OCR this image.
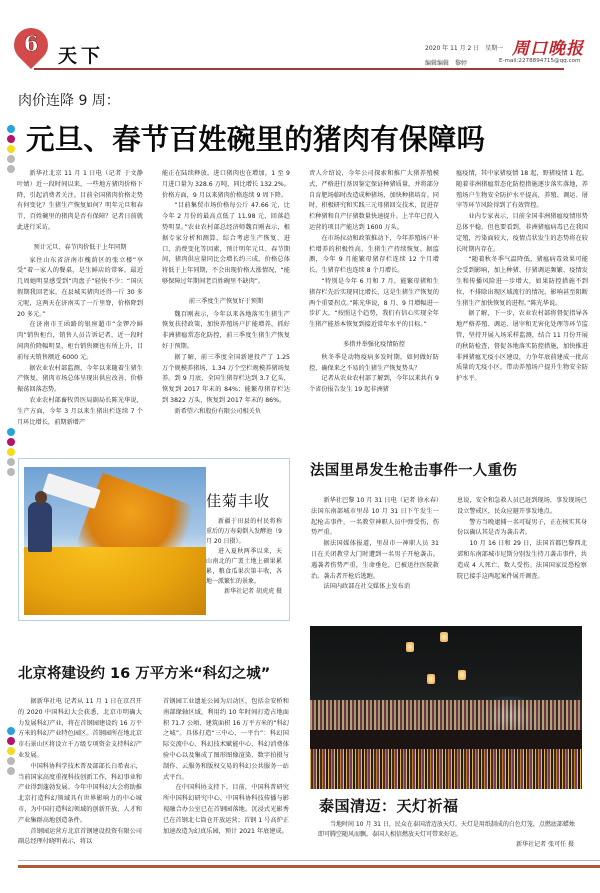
6	天下	2020 年 11 月 2 日　星期一
编辑编辑　黎婷	E-mail:2278894715@qq.com
周口晚报
肉价连降 9 周：
元旦、春节百姓碗里的猪肉有保障吗

新华社北京 11 月 1 日电（记者 于文静 叶婧）近一段时间以来，一些地方猪肉价格下降，引起消费者关注。目前全国猪肉价格走势有何变化？生猪生产恢复如何？明年元旦和春节，百姓碗里的猪肉是否有保障？记者日前就此进行采访。

预计元旦、春节肉价低于上年同期

家住山东省济南市槐荫区的张立楼“享受”着一家人的餐桌，是生鲜店的常客。最近几周她明显感受到“肉盘子”轻快不少：“国庆假期我回老家，在县城买猪肉还得一斤 30 多元呢，这两天在济南买了一斤里脊，价格降到 20 多元。”

在济南市王函路的银座超市“金锣冷鲜肉”销售柜台，销售人员告诉记者，近一段时间肉价降幅明显，柜台销售额也有所上升，目前每天销售额近 6000 元。

据农业农村部监测，今年以来随着生猪生产恢复，猪肉市场总体呈现出供应改善、价格振荡回落态势。

农业农村部畜牧兽医局副局长陈光华说，生产方面，今年 3 月以来生猪出栏连续 7 个月环比增长，前期新增产

能正在陆续释放。进口猪肉也在增加，1 至 9 月进口量为 328.6 万吨，同比增长 132.2%。价格方面，9 月以来猪肉价格连续 9 周下降。

“目前集贸市场价格每公斤 47.66 元，比今年 2 月份的最高点低了 11.98 元，回落趋势明显。”农业农村部总经济师魏百刚表示，根据专家分析和测算，综合考虑生产恢复、进口、消费变化等因素，预计明年元旦、春节期间，猪肉供应量同比会增长约三成，价格总体将低于上年同期，不会出现价格大涨情况，“能够保障过年期间老百姓碗里不缺肉”。

前三季度生产恢复好于预期

魏百刚表示，今年以来各地落实生猪生产恢复扶持政策，加快养殖场户扩能增养，抓好非洲猪瘟常态化防控，前三季度生猪生产恢复好于预期。

据了解，前三季度全国新建投产了 1.25 万个规模养猪场，1.34 万个空栏规模养猪场复养。到 9 月底，全国生猪存栏达到 3.7 亿头，恢复到 2017 年末的 84%；能繁母猪存栏达到 3822 万头，恢复到 2017 年末的 86%。

新希望六和股份有限公司相关负

责人介绍说，今年公司探索和推广大猪养殖模式，严格进行基因鉴定保证种猪质量，并将部分自育肥场临时改造成种猪场，加快种猪培育。同时，积极研究和实践三元母猪回交技术，促进存栏种猪和自产仔猪数量快速提升。上半年已投入运营的项目产能达到 1600 万头。

在市场拉动和政策推动下，今年养殖场户补栏增养的积极性高，生猪生产持续恢复。据监测，今年 9 月能繁母猪存栏连续 12 个月增长，生猪存栏也连续 8 个月增长。

“特别是今年 6 月和 7 月，能繁母猪和生猪存栏先后实现同比增长，这是生猪生产恢复的两个重要拐点。”陈光华说，8 月、9 月增幅进一步扩大，“按照这个趋势，我们有信心实现全年生猪产能基本恢复到接近常年水平的目标。”

多措并举强化疫情防控

秋冬季是动物疫病多发时期，如何做好防控，确保来之不易的生猪生产恢复势头？

记者从农业农村部了解到，今年以来共有 9 个省份报告发生 19 起非洲猪

瘟疫情，其中家猪疫情 18 起，野猪疫情 1 起。随着非洲猪瘟常态化防控措施逐步落实落地，养殖场户生物安全防护水平提高，养殖、调运、屠宰等环节风险得到了有效管控。

业内专家表示，目前全国非洲猪瘟疫情形势总体平稳，但也要看到，非洲猪瘟病毒已在我国定殖，污染面较大，疫情点状发生的态势将在较长时期内存在。

“随着秋冬季气温降低，猪瘟病毒效果可能会受到影响，加上种猪、仔猪调运频繁，疫情发生和传播风险进一步增大，如果防控措施不到位，不排除出现区域流行的情况，影响甚至阻断生猪生产加快恢复的进程。”陈光华说。

据了解，下一步，农业农村部将督促指导各地严格养殖、调运、屠宰和无害化处理等环节监管，坚持开展入场采样监测，结合 11 月份开展的秋防检查，督促各地落实防控措施，加快推进非洲猪瘟无疫小区建设，力争年底前建成一批高质量的无疫小区，带动养殖场户提升生物安全防护水平。

佳菊丰收

新疆于田县的村民将称重后的万寿菊倒入发酵池（9 月 20 日摄）。

进入夏秋两季以来，天山南北的广袤土地上硕果累累，粮食瓜果次第丰收，各地一派繁忙的景象。

新华社记者 胡虎虎 摄

法国里昂发生枪击事件一人重伤

新华社巴黎 10 月 31 日电（记者 徐永春）法国东南部城市里昂 10 月 31 日下午发生一起枪击事件，一名教堂神职人员中弹受伤，伤势严重。

据法国媒体报道，里昂市一神职人员 31 日在关闭教堂大门时遭到一名男子开枪袭击。遇袭者伤势严重，生命垂危，已被送往医院救治。袭击者开枪后逃跑。

法国内政部在社交媒体上发布消

息说，安全和急救人员已赶到现场，事发现场已设立警戒区，民众应避开事发地点。

警方当晚逮捕一名可疑男子，正在核实其身份以确认其是否为袭击者。

10 月 16 日和 29 日，法国首都巴黎西北郊和东南部城市尼斯分别发生持刀袭击事件，共造成 4 人死亡、数人受伤。法国国家反恐检察院已接手这两起案件展开调查。

北京将建设约 16 万平方米“科幻之城”

据新华社电 记者从 11 月 1 日在京召开的 2020 中国科幻大会获悉，北京市明确大力发展科幻产业，将在首钢园建设约 16 万平方米的科幻产业特色园区。首钢园所在地北京市石景山区将设立千万级专项资金支持科幻产业发展。

中国科协科学技术普及部部长白希表示，当前国家高度重视科技创新工作，科幻事业和产业得到蓬勃发展。今年中国科幻大会将助推北京打造科幻领域具有世界影响力的中心城市，为中国打造科幻领域的创新开放、人才和产业集群高地创造条件。

首钢园运营方北京首钢建设投资有限公司副总经理付晓明表示，将以

首钢园工业遗址公园为启动区，包括金安桥和南部缘轴区域，利用约 10 年时间打造占地面积 71.7 公顷、建筑面积 16 万平方米的“科幻之城”。具体打造“三中心、一平台”：科幻国际交流中心、科幻技术赋能中心、科幻消费体验中心以及集成了图形图像渲染、数字拍摄与制作、云服务和版权交易的科幻公共服务一站式平台。

在中国科协支持下，目前，中国科普研究所中国科幻研究中心、中国科协科技传播与影视融合办公室已在首钢园落地。沉浸式光影秀已在首钢北七筒仓开放运营；首钢 1 号高炉正加速改造为幻真乐园，预计 2021 年底建成。

泰国清迈：天灯祈福

当地时间 10 月 31 日，民众在泰国清迈放天灯。天灯是用纸制成的白色灯笼，点燃底部蜡烛即可腾空随风而飘。泰国人相信燃放天灯可带来好运。

新华社记者 张可任 摄
